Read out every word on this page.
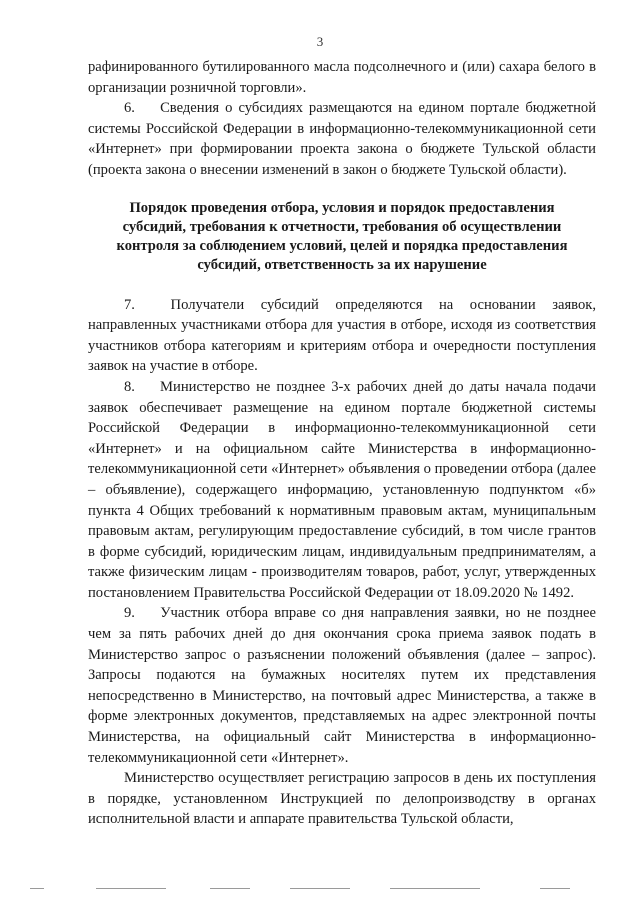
3

рафинированного бутилированного масла подсолнечного и (или) сахара белого в организации розничной торговли».

6. Сведения о субсидиях размещаются на едином портале бюджетной системы Российской Федерации в информационно-телекоммуникационной сети «Интернет» при формировании проекта закона о бюджете Тульской области (проекта закона о внесении изменений в закон о бюджете Тульской области).

Порядок проведения отбора, условия и порядок предоставления
субсидий, требования к отчетности, требования об осуществлении
контроля за соблюдением условий, целей и порядка предоставления
субсидий, ответственность за их нарушение

7. Получатели субсидий определяются на основании заявок, направленных участниками отбора для участия в отборе, исходя из соответствия участников отбора категориям и критериям отбора и очередности поступления заявок на участие в отборе.

8. Министерство не позднее 3-х рабочих дней до даты начала подачи заявок обеспечивает размещение на едином портале бюджетной системы Российской Федерации в информационно-телекоммуникационной сети «Интернет» и на официальном сайте Министерства в информационно-телекоммуникационной сети «Интернет» объявления о проведении отбора (далее – объявление), содержащего информацию, установленную подпунктом «б» пункта 4 Общих требований к нормативным правовым актам, муниципальным правовым актам, регулирующим предоставление субсидий, в том числе грантов в форме субсидий, юридическим лицам, индивидуальным предпринимателям, а также физическим лицам - производителям товаров, работ, услуг, утвержденных постановлением Правительства Российской Федерации от 18.09.2020 № 1492.

9. Участник отбора вправе со дня направления заявки, но не позднее чем за пять рабочих дней до дня окончания срока приема заявок подать в Министерство запрос о разъяснении положений объявления (далее – запрос). Запросы подаются на бумажных носителях путем их представления непосредственно в Министерство, на почтовый адрес Министерства, а также в форме электронных документов, представляемых на адрес электронной почты Министерства, на официальный сайт Министерства в информационно-телекоммуникационной сети «Интернет».

Министерство осуществляет регистрацию запросов в день их поступления в порядке, установленном Инструкцией по делопроизводству в органах исполнительной власти и аппарате правительства Тульской области,
